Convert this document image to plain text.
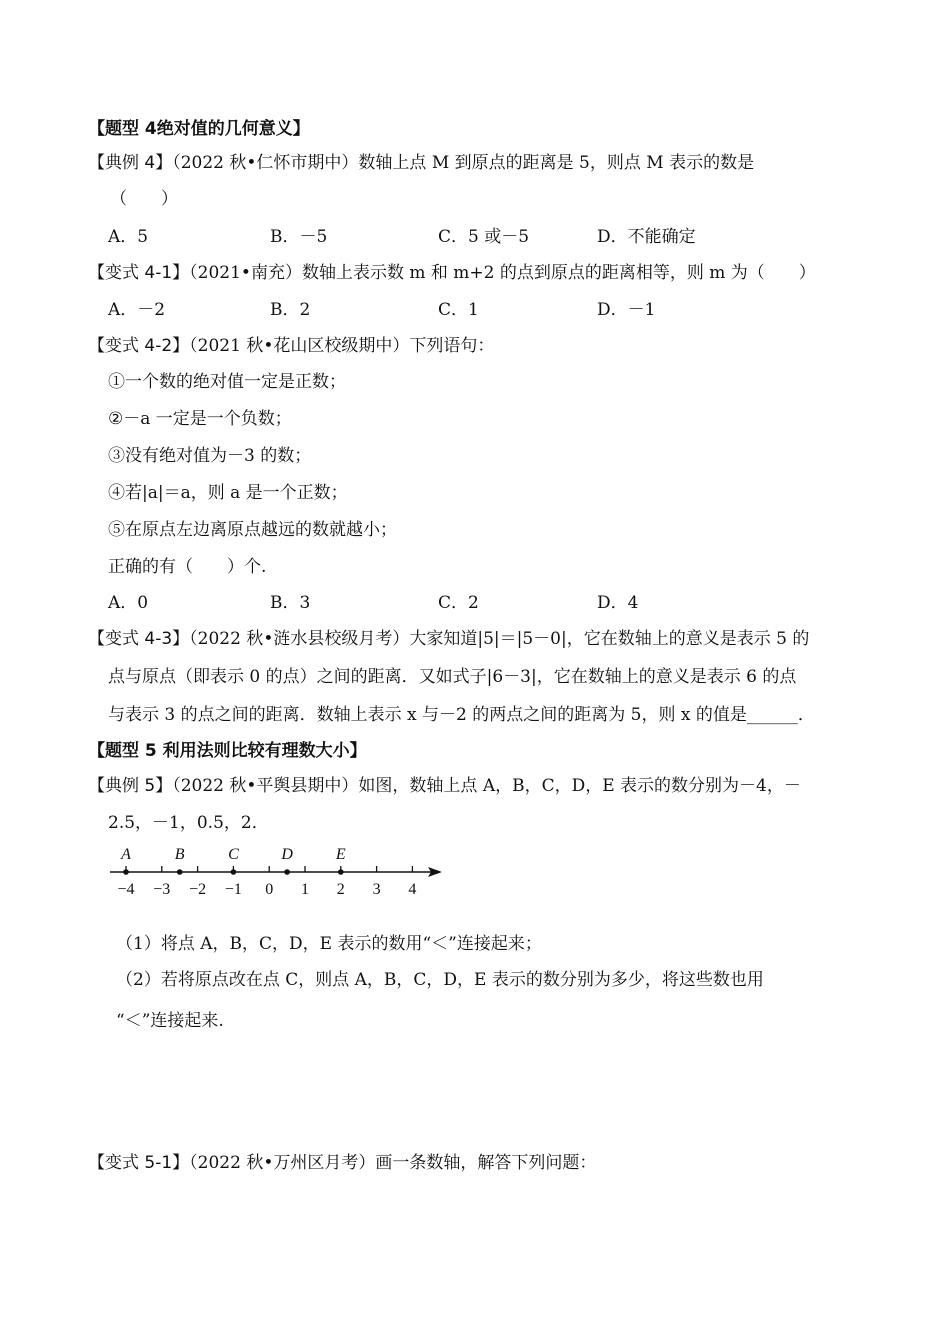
【题型 4绝对值的几何意义】
【典例 4】（2022 秋•仁怀市期中）数轴上点 M 到原点的距离是 5，则点 M 表示的数是
（　　）
A．5	B．－5	C．5 或－5	D．不能确定
【变式 4-1】（2021•南充）数轴上表示数 m 和 m+2 的点到原点的距离相等，则 m 为（　　）
A．－2	B．2	C．1	D．－1
【变式 4-2】（2021 秋•花山区校级期中）下列语句：
①一个数的绝对值一定是正数；
②－a 一定是一个负数；
③没有绝对值为－3 的数；
④若|a|＝a，则 a 是一个正数；
⑤在原点左边离原点越远的数就越小；
正确的有（　　）个.
A．0	B．3	C．2	D．4
【变式 4-3】（2022 秋•涟水县校级月考）大家知道|5|＝|5－0|，它在数轴上的意义是表示 5 的
点与原点（即表示 0 的点）之间的距离．又如式子|6－3|，它在数轴上的意义是表示 6 的点
与表示 3 的点之间的距离．数轴上表示 x 与－2 的两点之间的距离为 5，则 x 的值是______．
【题型 5 利用法则比较有理数大小】
【典例 5】（2022 秋•平舆县期中）如图，数轴上点 A，B，C，D，E 表示的数分别为－4，－
2.5，－1，0.5，2．
−4 −3 −2 −1 0 1 2 3 4
A	B	C	D	E
（1）将点 A，B，C，D，E 表示的数用“＜”连接起来；
（2）若将原点改在点 C，则点 A，B，C，D，E 表示的数分别为多少，将这些数也用
“＜”连接起来.
【变式 5-1】（2022 秋•万州区月考）画一条数轴，解答下列问题：
